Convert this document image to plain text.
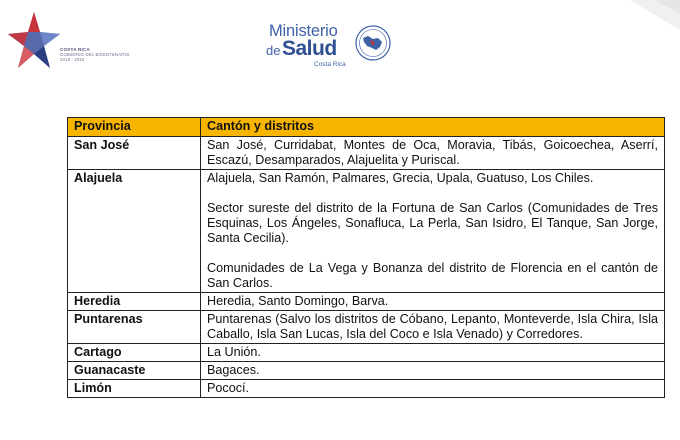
COSTA RICA
GOBIERNO DEL BICENTENARIO
2018 - 2022
Ministerio
de Salud
Costa Rica
Provincia	Cantón y distritos
San José	San José, Curridabat, Montes de Oca, Moravia, Tibás, Goicoechea, Aserrí, Escazú, Desamparados, Alajuelita y Puriscal.

Alajuela	Alajuela, San Ramón, Palmares, Grecia, Upala, Guatuso, Los Chiles.

Sector sureste del distrito de la Fortuna de San Carlos (Comunidades de Tres Esquinas, Los Ángeles, Sonafluca, La Perla, San Isidro, El Tanque, San Jorge, Santa Cecilia).

Comunidades de La Vega y Bonanza del distrito de Florencia en el cantón de San Carlos.

Heredia	Heredia, Santo Domingo, Barva.

Puntarenas	Puntarenas (Salvo los distritos de Cóbano, Lepanto, Monteverde, Isla Chira, Isla Caballo, Isla San Lucas, Isla del Coco e Isla Venado) y Corredores.

Cartago	La Unión.

Guanacaste	Bagaces.

Limón	Pococí.
